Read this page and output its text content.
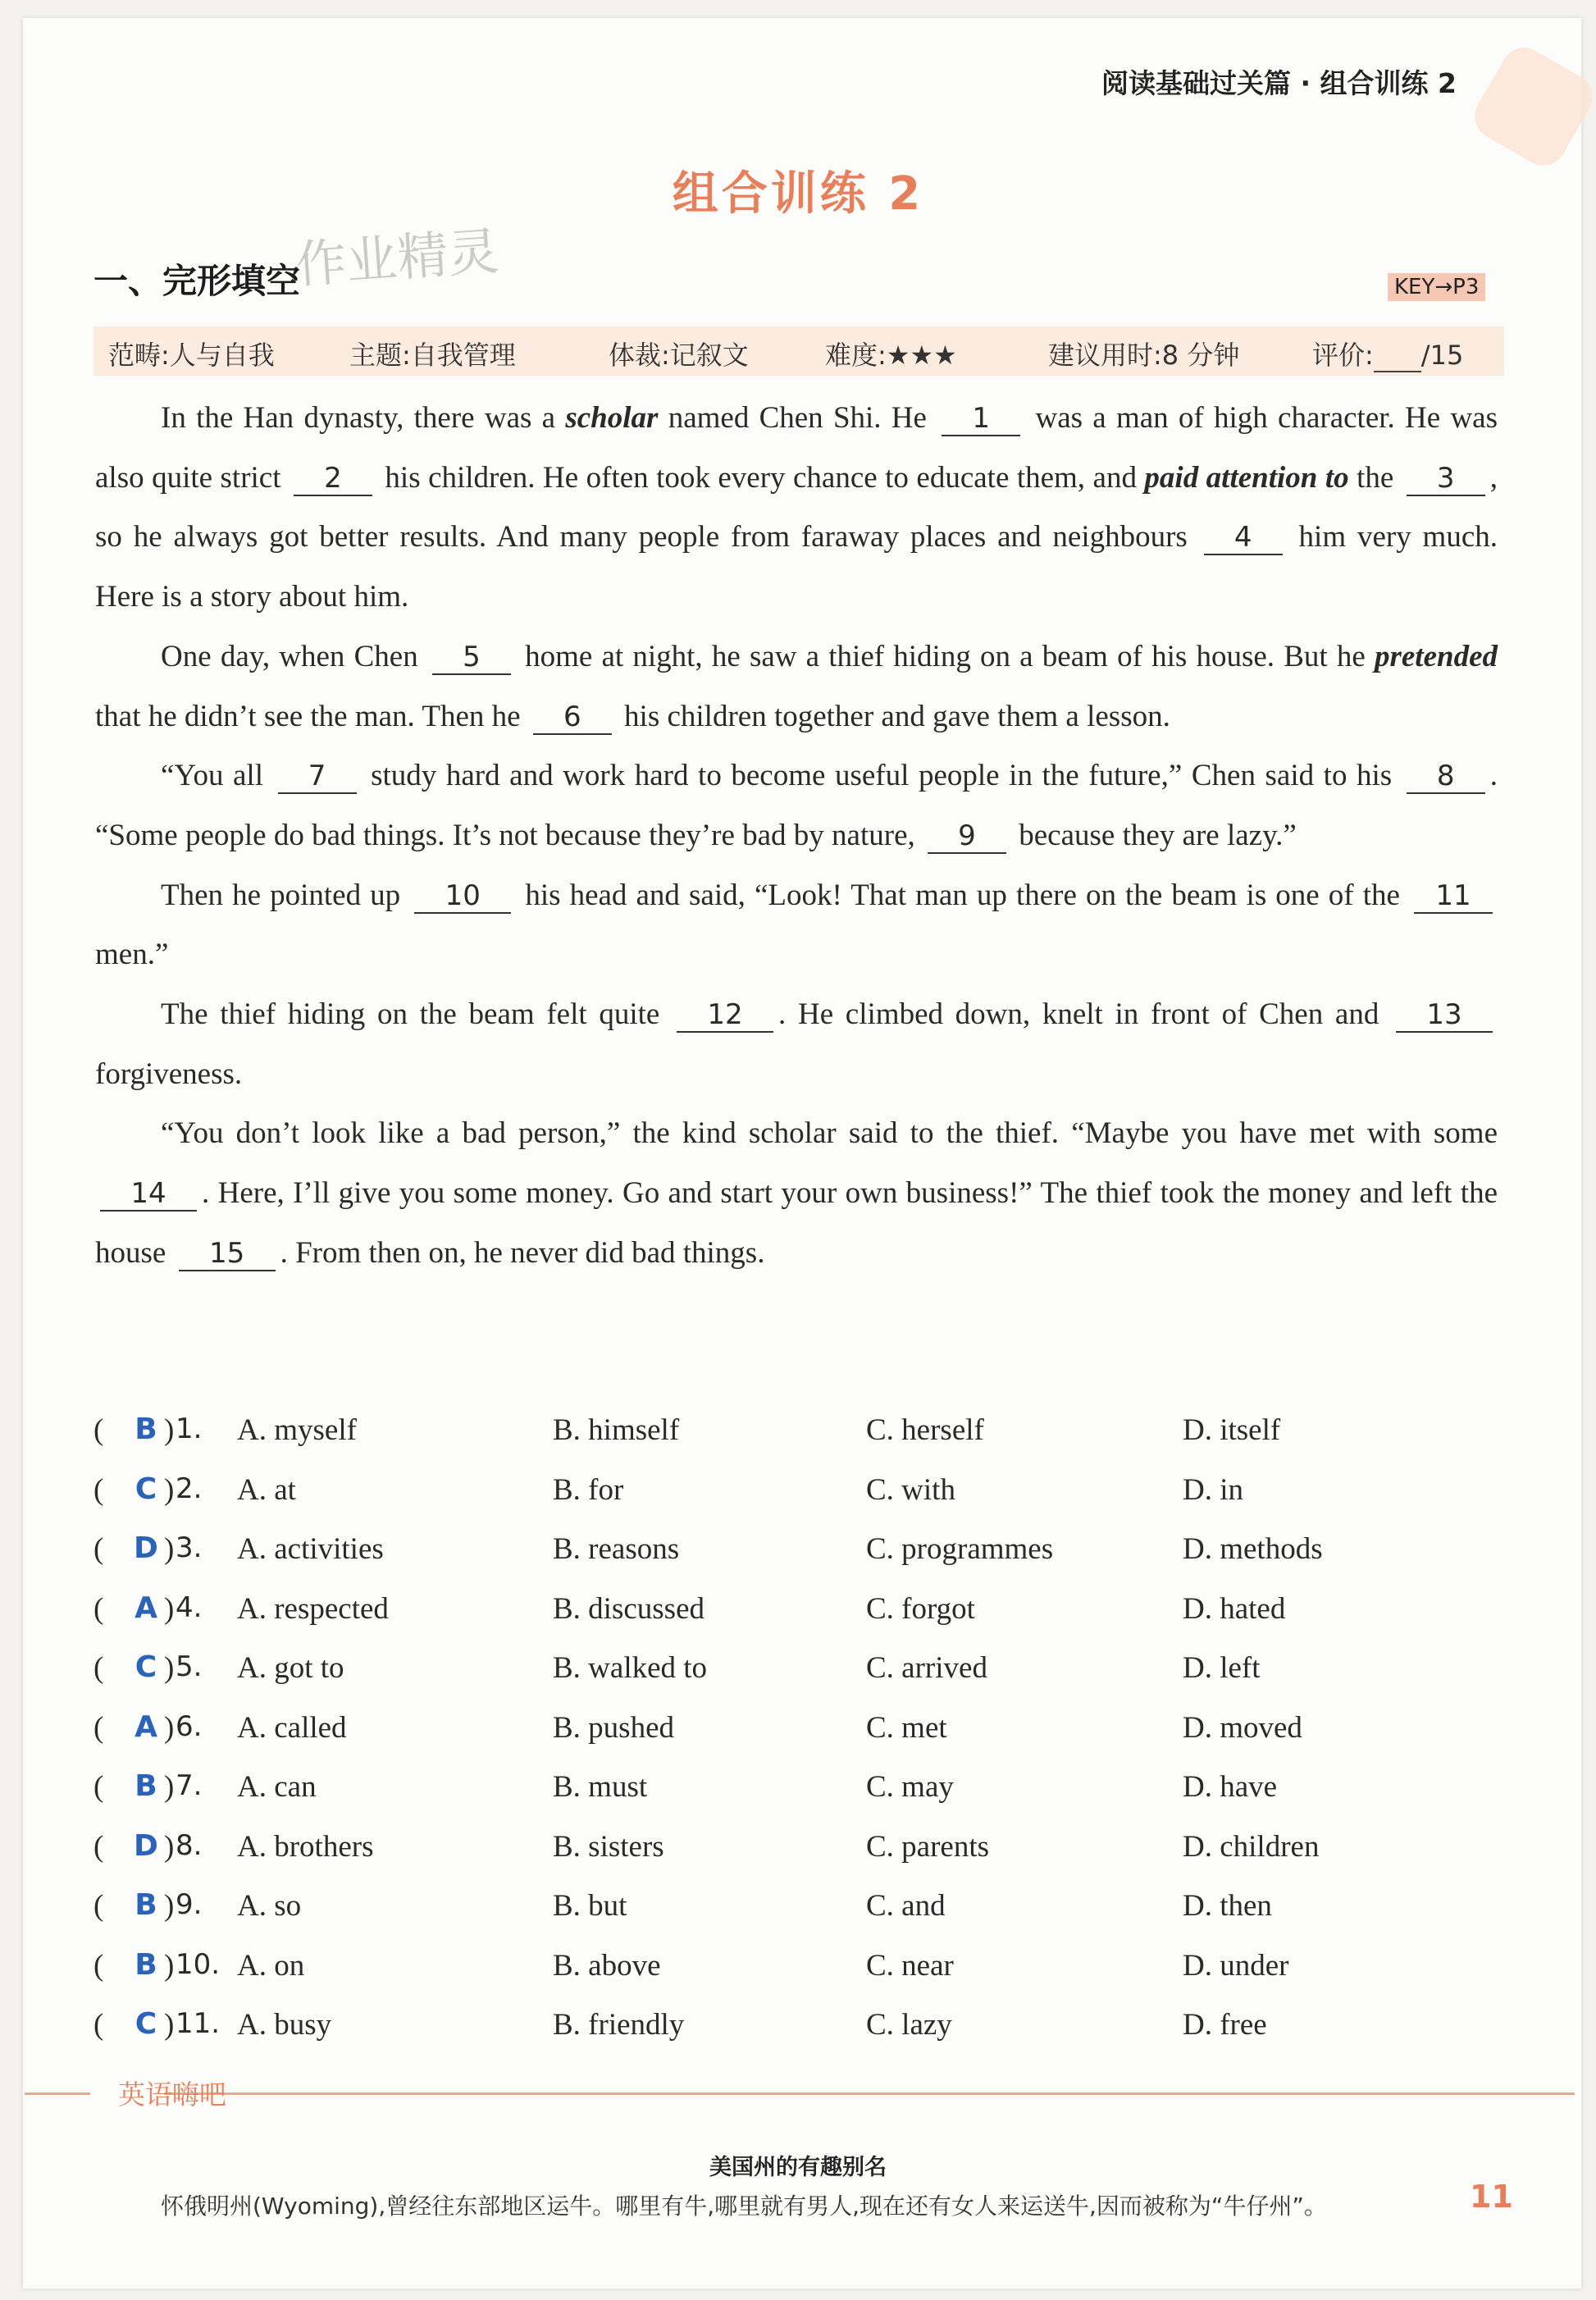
阅读基础过关篇 · 组合训练 2
组合训练 2
作业精灵
一、完形填空	KEY→P3
范畴:人与自我	主题:自我管理	体裁:记叙文	难度:★★★	建议用时:8 分钟	评价: /15

In the Han dynasty, there was a scholar named Chen Shi. He 1 was a man of high character. He was also quite strict 2 his children. He often took every chance to educate them, and paid attention to the 3 , so he always got better results. And many people from faraway places and neighbours 4 him very much. Here is a story about him.

One day, when Chen 5 home at night, he saw a thief hiding on a beam of his house. But he pretended that he didn’t see the man. Then he 6 his children together and gave them a lesson.

“You all 7 study hard and work hard to become useful people in the future,” Chen said to his 8 . “Some people do bad things. It’s not because they’re bad by nature, 9 because they are lazy.”

Then he pointed up 10 his head and said, “Look! That man up there on the beam is one of the 11 men.”

The thief hiding on the beam felt quite 12 . He climbed down, knelt in front of Chen and 13 forgiveness.

“You don’t look like a bad person,” the kind scholar said to the thief. “Maybe you have met with some 14 . Here, I’ll give you some money. Go and start your own business!” The thief took the money and left the house 15 . From then on, he never did bad things.

( B 1. A. myself	B. himself	C. herself	D. itself
)
( C 2. A. at	B. for	C. with	D. in
)
( D 3. A. activities	B. reasons	C. programmes	D. methods
)
( A 4. A. respected	B. discussed	C. forgot	D. hated
)
( C 5. A. got to	B. walked to	C. arrived	D. left
)
( A 6. A. called	B. pushed	C. met	D. moved
)
( B 7. A. can	B. must	C. may	D. have
)
( D 8. A. brothers	B. sisters	C. parents	D. children
)
( B 9. A. so	B. but	C. and	D. then
)
( B 10. A. on	B. above	C. near	D. under
)
( C 11. A. busy	B. friendly	C. lazy	D. free
)
英语嗨吧
美国州的有趣别名
怀俄明州(Wyoming),曾经往东部地区运牛。哪里有牛,哪里就有男人,现在还有女人来运送牛,因而被称为“牛仔州”。	11
